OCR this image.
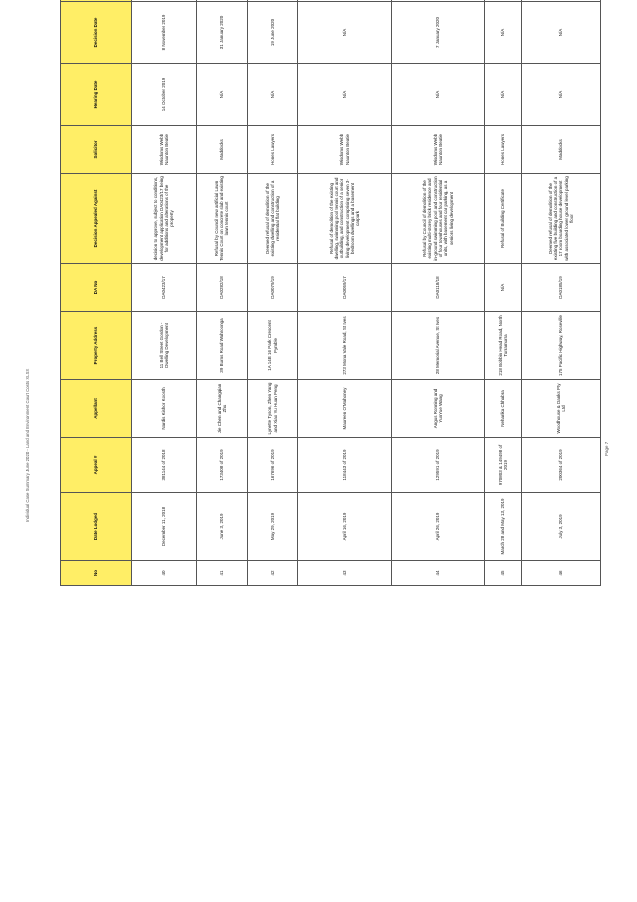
Individual Case Summary June 2020 - Land and Environment Court Costs XLSX	Page 7
No	Date Lodged	Appeal #	Appellant	Property Address	DA No	Decision Appealed Against	Solicitor	Hearing Date	Decision Date				
40	December 11, 2018	381144 of 2018	Nardis Kishor Koosth	11 Bell Street Gordon - Dwelling Development	DA0423/17	decision to approve, subject to conditions, development application DA0423/17 being for additions and alterations of the property	Wisdoms Webb Naunton Beatie	14 October 2019	8 November 2019				
41	June 3, 2019	173408 of 2019	Jie Chen and Changqian Zhu	39 Burns Road Wahroonga	DA0282/18	Refusal by Council new artificial Lawn Tennis Court on concrete slab and existing lawn tennis court	Maddocks	N/A	31 January 2020				
42	May 29, 2019	167696 of 2019	Lynette Tyson, Zhen Yang and Xiao Yu Huan Peng	1A 14B 16 Park Crescent Pymble	DA0079/19	Deemed refusal of demolition of the existing dwelling and construction of a residential flat building	Hones Lawyers	N/A	19 June 2020				
43	April 16, 2019	118443 of 2019	Maureen O'Mahoney	273 Mona Vale Road, St Ives	DA0059/17	Refusal of demolition of the existing dwelling, swimming pool tennis court and outbuilding, and construction of a senior living development comprising seven 3-bedroom dwellings and a basement carpark	Wisdoms Webb Naunton Beatie	N/A	N/A				
44	April 26, 2019	129591 of 2019	Angus Ronning and YunYue Wang	28 Memorial Avenue, St Ives	DA0118/18	Refusal by Council of demolition of the existing multi-storey brick residence and in-ground swimming pool and construction of four townhouses and four residential units, with basement car parking, as a seniors living development	Wisdoms Webb Naunton Beatie	N/A	7 January 2020				
45	March 28 and May 13, 2019	970803 & 149498 of 2019	Neharika Chhabra	218 Bobbin Head Road, North Turramurra	N/A	Refusal of Building Certificate	Hones Lawyers	N/A	N/A				
46	July 3, 2019	200364 of 2019	Woodhouse & Danks Pty Ltd	175 Pacific Highway, Roseville	DA0185/19	Deemed refusal of demolition of the existing five building and construction of a 17 room boarding house development with associated lower ground level parking floor	Maddocks	N/A	N/A				
